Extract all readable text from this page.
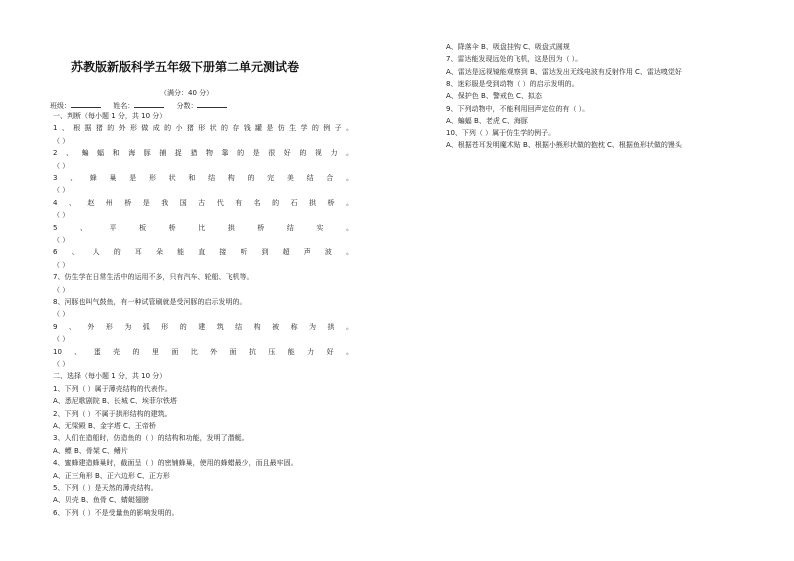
苏教版新版科学五年级下册第二单元测试卷
（满分：40 分）
班级：	姓名：	分数：
一、判断（每小题 1 分，共 10 分）
1、根据猪的外形做成的小猪形状的存钱罐是仿生学的例子。
（ ）
2、蝙蝠和海豚捕捉猎物靠的是很好的视力。
（ ）
3、蜂巢是形状和结构的完美结合。
（ ）
4、赵州桥是我国古代有名的石拱桥。
（ ）
5、平板桥比拱桥结实。
（ ）
6、人的耳朵能直接听到超声波。
（ ）
7、仿生学在日常生活中的运用不多，只有汽车、轮船、飞机等。
（ ）
8、河豚也叫气鼓鱼，有一种试管刷就是受河豚的启示发明的。
（ ）
9、外形为弧形的建筑结构被称为拱。
（ ）
10、蛋壳的里面比外面抗压能力好。
（ ）
二、选择（每小题 1 分，共 10 分）
1、下列（ ）属于薄壳结构的代表作。
A、悉尼歌剧院 B、长城 C、埃菲尔铁塔
2、下列（ ）不属于拱形结构的建筑。
A、无梁殿 B、金字塔 C、王帝桥
3、人们在造船时，仿造鱼的（ ）的结构和功能，发明了潜艇。
A、鳔 B、骨架 C、鳍片
4、蜜蜂建造蜂巢时，截面呈（ ）的密铺蜂巢，使用的蜂蜡最少，而且最牢固。
A、正三角形 B、正六边形 C、正方形
5、下列（ ）是天然的薄壳结构。
A、贝壳 B、鱼骨 C、蜻蜓翅膀
6、下列（ ）不是受量鱼的影响发明的。
A、降落伞 B、吸盘挂钩 C、吸盘式圆规
7、雷达能发现远处的飞机，这是因为（ ）。
A、雷达是远视镜能观察到 B、雷达发出无线电波有反射作用 C、雷达嗅觉好
8、迷彩服是受到动物（ ）的启示发明的。
A、保护色 B、警戒色 C、拟态
9、下列动物中，不能利用回声定位的有（ ）。
A、蝙蝠 B、老虎 C、海豚
10、下列（ ）属于仿生学的例子。
A、根据苍耳发明魔术贴 B、根据小熊形状做的抱枕 C、根据鱼形状做的馒头
